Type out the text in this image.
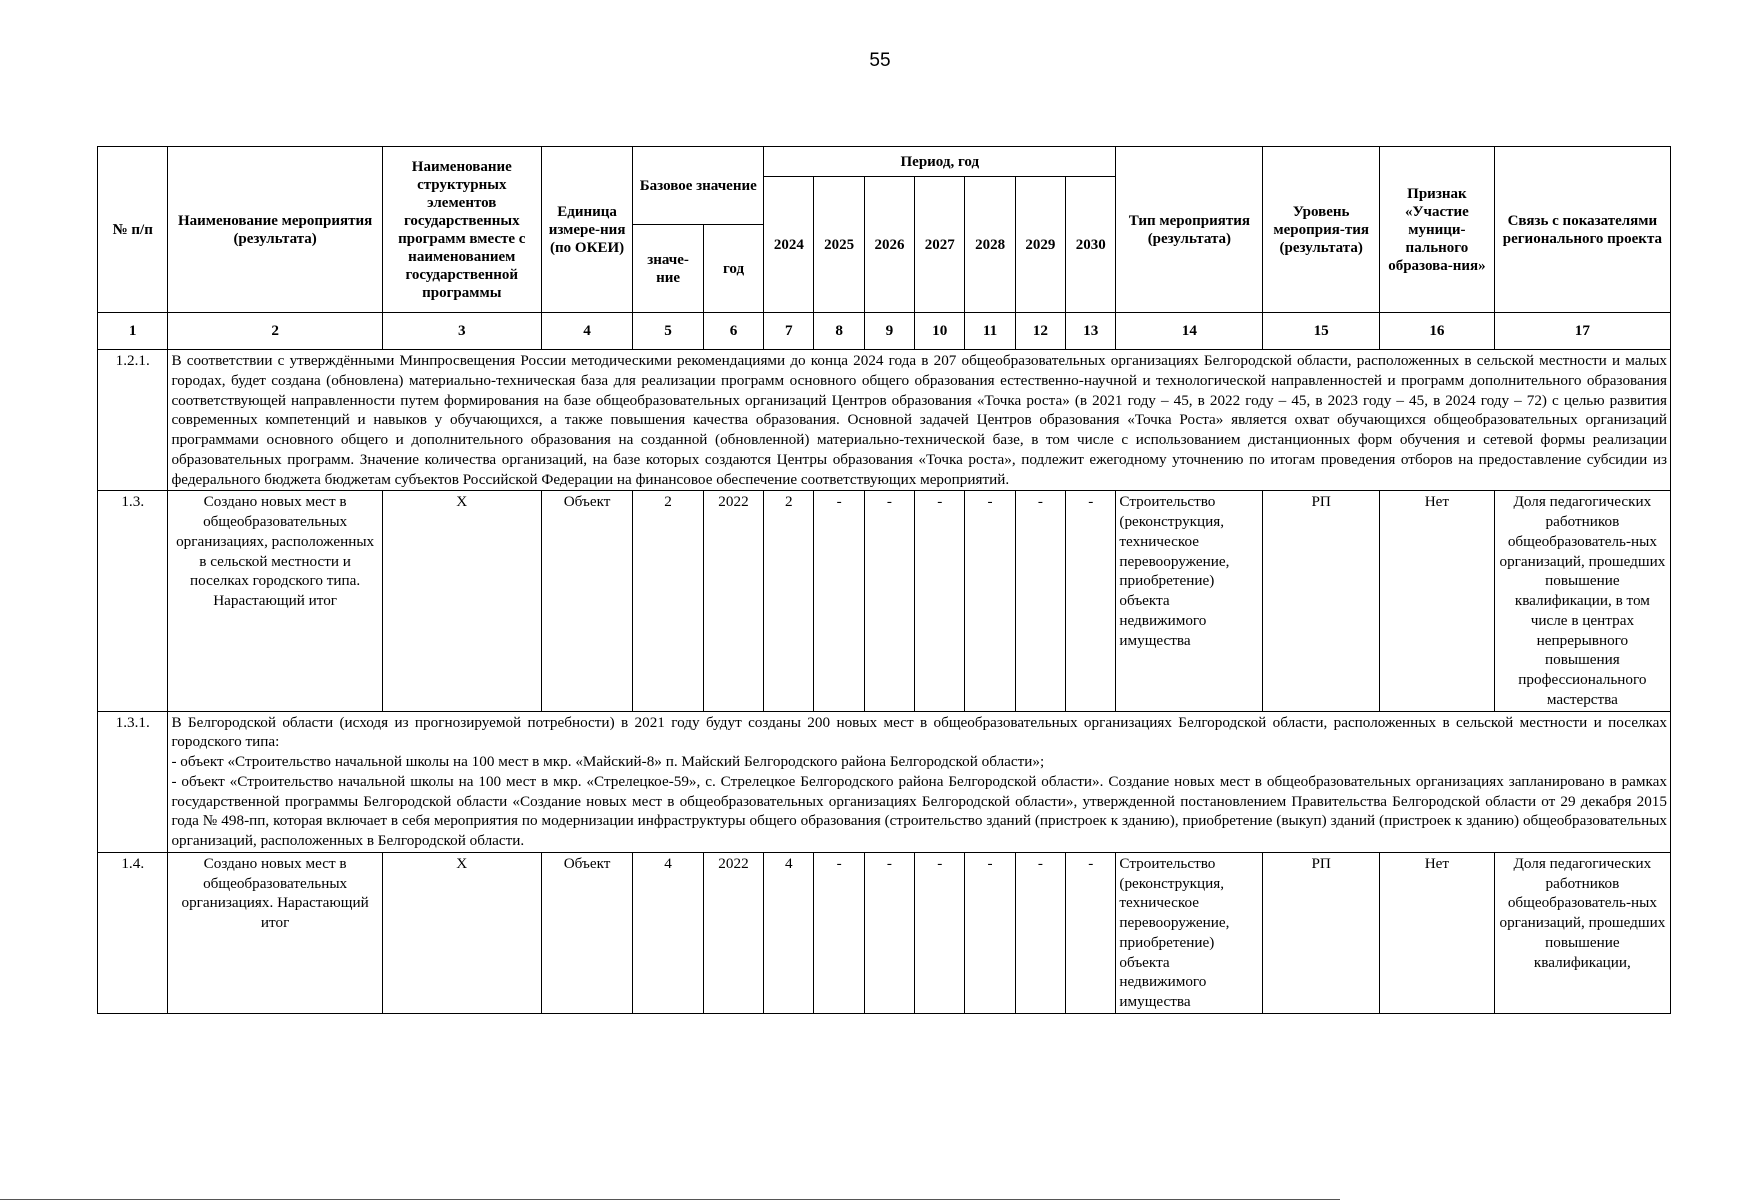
55
№ п/п	Наименование мероприятия (результата)	Наименование структурных элементов государственных программ вместе с наименованием государственной программы	Единица измере-ния (по ОКЕИ)	Базовое значение		Период, год							Тип мероприятия (результата)	Уровень мероприя-тия (результата)	Признак «Участие муници-пального образова-ния»	Связь с показателями регионального проекта
						2024	2025	2026	2027	2028	2029	2030				
				значе-ние	год											
1	2	3	4	5	6	7	8	9	10	11	12	13	14	15	16	17
1.2.1.	В соответствии с утверждёнными Минпросвещения России методическими рекомендациями до конца 2024 года в 207 общеобразовательных организациях Белгородской области, расположенных в сельской местности и малых городах, будет создана (обновлена) материально-техническая база для реализации программ основного общего образования естественно-научной и технологической направленностей и программ дополнительного образования соответствующей направленности путем формирования на базе общеобразовательных организаций Центров образования «Точка роста» (в 2021 году – 45, в 2022 году – 45, в 2023 году – 45, в 2024 году – 72) с целью развития современных компетенций и навыков у обучающихся, а также повышения качества образования. Основной задачей Центров образования «Точка Роста» является охват обучающихся общеобразовательных организаций программами основного общего и дополнительного образования на созданной (обновленной) материально-технической базе, в том числе с использованием дистанционных форм обучения и сетевой формы реализации образовательных программ. Значение количества организаций, на базе которых создаются Центры образования «Точка роста», подлежит ежегодному уточнению по итогам проведения отборов на предоставление субсидии из федерального бюджета бюджетам субъектов Российской Федерации на финансовое обеспечение соответствующих мероприятий.															
1.3.	Создано новых мест в общеобразовательных организациях, расположенных в сельской местности и поселках городского типа. Нарастающий итог	X	Объект	2	2022	2	-	-	-	-	-	-	Строительство (реконструкция, техническое перевооружение, приобретение) объекта недвижимого имущества	РП	Нет	Доля педагогических работников общеобразователь-ных организаций, прошедших повышение квалификации, в том числе в центрах непрерывного повышения профессионального мастерства
1.3.1.	В Белгородской области (исходя из прогнозируемой потребности) в 2021 году будут созданы 200 новых мест в общеобразовательных организациях Белгородской области, расположенных в сельской местности и поселках городского типа:
- объект «Строительство начальной школы на 100 мест в мкр. «Майский-8» п. Майский Белгородского района Белгородской области»;
- объект «Строительство начальной школы на 100 мест в мкр. «Стрелецкое-59», с. Стрелецкое Белгородского района Белгородской области». Создание новых мест в общеобразовательных организациях запланировано в рамках государственной программы Белгородской области «Создание новых мест в общеобразовательных организациях Белгородской области», утвержденной постановлением Правительства Белгородской области от 29 декабря 2015 года № 498-пп, которая включает в себя мероприятия по модернизации инфраструктуры общего образования (строительство зданий (пристроек к зданию), приобретение (выкуп) зданий (пристроек к зданию) общеобразовательных организаций, расположенных в Белгородской области.															

1.4.	Создано новых мест в общеобразовательных организациях. Нарастающий итог	X	Объект	4	2022	4	-	-	-	-	-	-	Строительство (реконструкция, техническое перевооружение, приобретение) объекта недвижимого имущества	РП	Нет	Доля педагогических работников общеобразователь-ных организаций, прошедших повышение квалификации,
